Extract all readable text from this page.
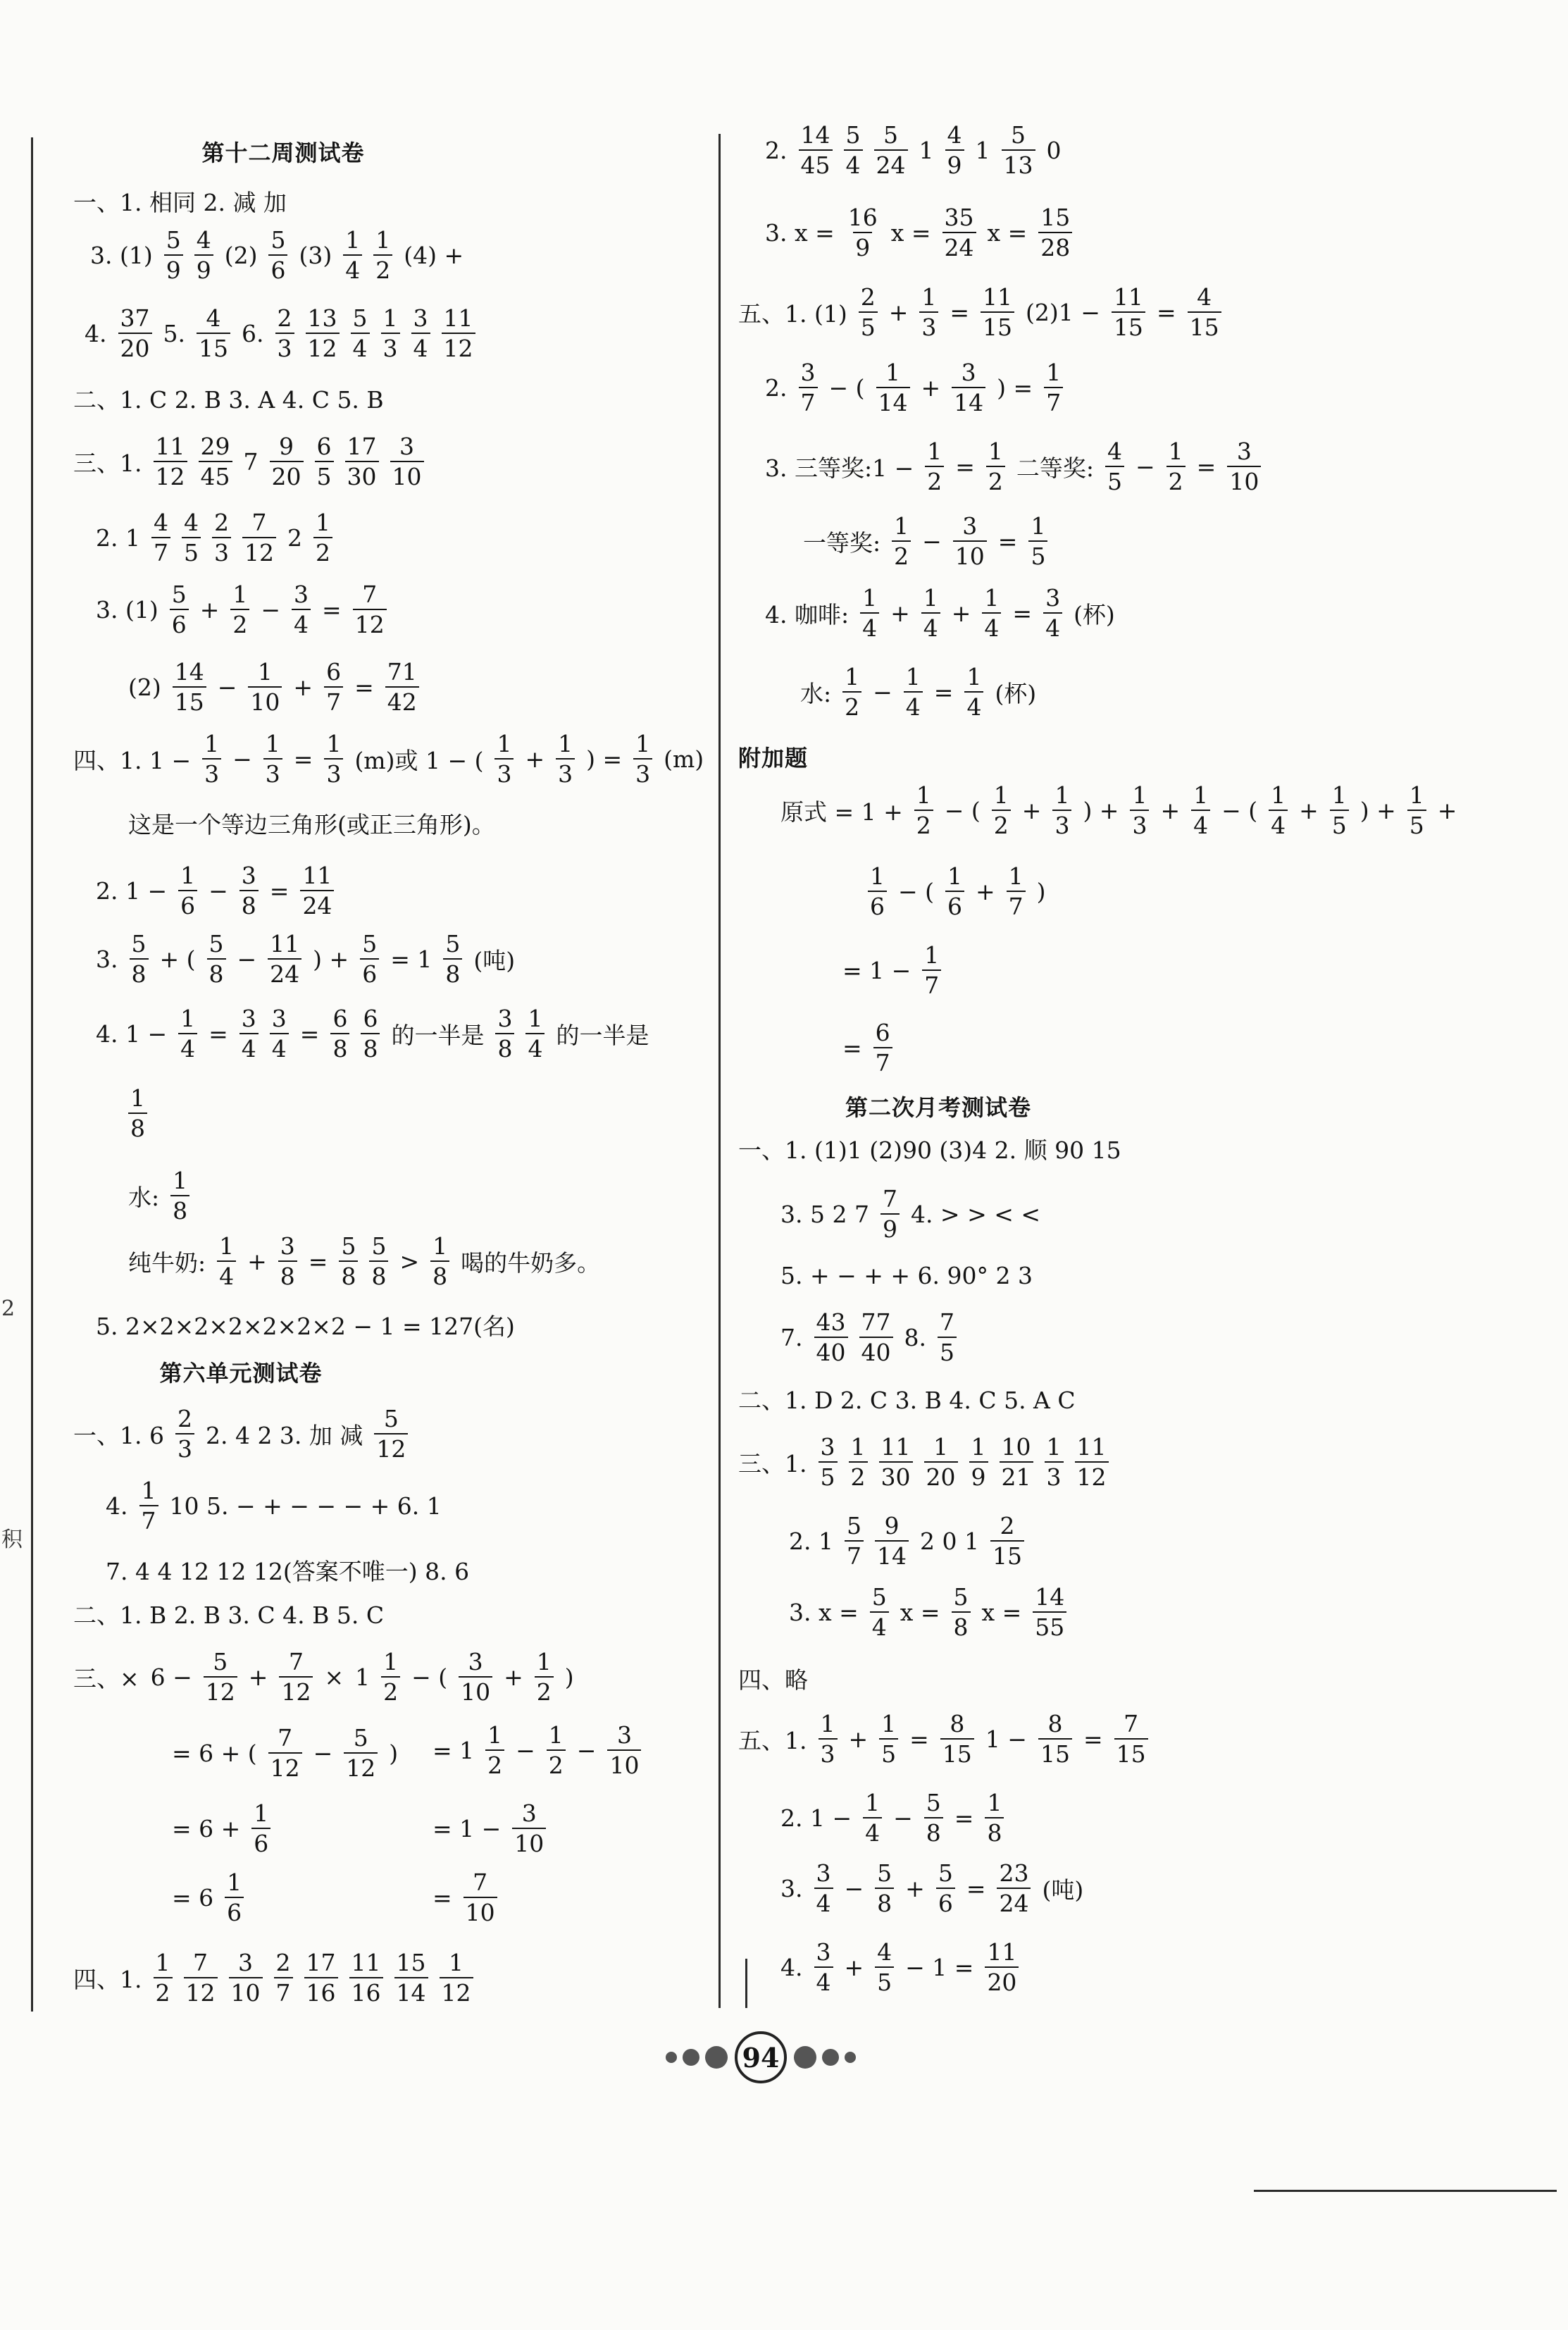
2
积
第十二周测试卷
一、1. 相同 2. 减 加
3. $(1) \frac{5}{9} \frac{4}{9} (2) \frac{5}{6} (3) \frac{1}{4} \frac{1}{2} (4)$ +
4. $\frac{37}{20} 5$. $\frac{4}{15} 6$. $\frac{2}{3} \frac{13}{12} \frac{5}{4} \frac{1}{3} \frac{3}{4} \frac{11}{12}$
二、1. C 2. B 3. A 4. C 5. B
三、1. $\frac{11}{12} \frac{29}{45} 7 \frac{9}{20} \frac{6}{5} \frac{17}{30} \frac{3}{10}$
2. $1 \frac{4}{7} \frac{4}{5} \frac{2}{3} \frac{7}{12} 2 \frac{1}{2}$
3. $(1) \frac{5}{6} + \frac{1}{2} - \frac{3}{4} = \frac{7}{12}$
$(2) \frac{14}{15} - \frac{1}{10} + \frac{6}{7} = \frac{71}{42}$
四、1. $1 - \frac{1}{3} - \frac{1}{3} = \frac{1}{3} (m)$或 1 − ( $\frac{1}{3} + \frac{1}{3}$ ) = $\frac{1}{3} (m)$
这是一个等边三角形(或正三角形)。
2. $1 - \frac{1}{6} - \frac{3}{8} = \frac{11}{24}$
3. $\frac{5}{8}$ + ( $\frac{5}{8} - \frac{11}{24}$ ) + $\frac{5}{6} = 1 \frac{5}{8}$ (吨)
4. $1 - \frac{1}{4} = \frac{3}{4} \frac{3}{4} = \frac{6}{8} \frac{6}{8}$ 的一半是 $\frac{3}{8} \frac{1}{4}$ 的一半是
$\frac{1}{8}$
水: $\frac{1}{8}$
纯牛奶: $\frac{1}{4} + \frac{3}{8} = \frac{5}{8} \frac{5}{8} > \frac{1}{8}$ 喝的牛奶多。
5. 2×2×2×2×2×2×2 − 1 = 127(名)
第六单元测试卷
一、1. $6 \frac{2}{3} 2$. 4 2 3. 加 减 $\frac{5}{12}$
4. $\frac{1}{7} 10$ 5. − + − − − + 6. 1
7. 4 4 12 12 12(答案不唯一) 8. 6
二、1. B 2. B 3. C 4. B 5. C
三、× $6 - \frac{5}{12} + \frac{7}{12} \times 1 \frac{1}{2}$ − ( $\frac{3}{10} + \frac{1}{2}$ )
= 6 + ( $\frac{7}{12} - \frac{5}{12}$ ) = $1 \frac{1}{2} - \frac{1}{2} - \frac{3}{10}$
= $6 + \frac{1}{6}$	= $1 - \frac{3}{10}$
= $6 \frac{1}{6}$	= $\frac{7}{10}$
四、1. $\frac{1}{2} \frac{7}{12} \frac{3}{10} \frac{2}{7} \frac{17}{16} \frac{11}{16} \frac{15}{14} \frac{1}{12}$
2. $\frac{14}{45} \frac{5}{4} \frac{5}{24} 1 \frac{4}{9} 1 \frac{5}{13} 0$
3. $x = \frac{16}{9}$ $x = \frac{35}{24}$ $x = \frac{15}{28}$
五、1. $(1) \frac{2}{5} + \frac{1}{3} = \frac{11}{15} (2)1 - \frac{11}{15} = \frac{4}{15}$
2. $\frac{3}{7}$ − ( $\frac{1}{14} + \frac{3}{14}$ ) = $\frac{1}{7}$
3. 三等奖:1 − $\frac{1}{2} = \frac{1}{2}$ 二等奖: $\frac{4}{5} - \frac{1}{2} = \frac{3}{10}$
一等奖: $\frac{1}{2} - \frac{3}{10} = \frac{1}{5}$
4. 咖啡: $\frac{1}{4} + \frac{1}{4} + \frac{1}{4} = \frac{3}{4}$ (杯)
水: $\frac{1}{2} - \frac{1}{4} = \frac{1}{4}$ (杯)
附加题
原式 = $1 + \frac{1}{2}$ − ( $\frac{1}{2} + \frac{1}{3}$ ) + $\frac{1}{3} + \frac{1}{4}$ − ( $\frac{1}{4} + \frac{1}{5}$ ) + $\frac{1}{5}$ +
$\frac{1}{6}$ − ( $\frac{1}{6} + \frac{1}{7}$ )
= $1 - \frac{1}{7}$
= $\frac{6}{7}$
第二次月考测试卷
一、1. (1)1 (2)90 (3)4 2. 顺 90 15
3. 5 2 $7 \frac{7}{9} 4$. > > < <
5. + − + + 6. 90° 2 3
7. $\frac{43}{40} \frac{77}{40} 8$. $\frac{7}{5}$
二、1. D 2. C 3. B 4. C 5. A C
三、1. $\frac{3}{5} \frac{1}{2} \frac{11}{30} \frac{1}{20} \frac{1}{9} \frac{10}{21} \frac{1}{3} \frac{11}{12}$
2. $1 \frac{5}{7} \frac{9}{14} 2$ 0 $1 \frac{2}{15}$
3. $x = \frac{5}{4}$ $x = \frac{5}{8}$ $x = \frac{14}{55}$
四、略
五、1. $\frac{1}{3} + \frac{1}{5} = \frac{8}{15} 1 - \frac{8}{15} = \frac{7}{15}$
2. $1 - \frac{1}{4} - \frac{5}{8} = \frac{1}{8}$
3. $\frac{3}{4} - \frac{5}{8} + \frac{5}{6} = \frac{23}{24}$ (吨)
4. $\frac{3}{4} + \frac{4}{5} - 1 = \frac{11}{20}$
94
